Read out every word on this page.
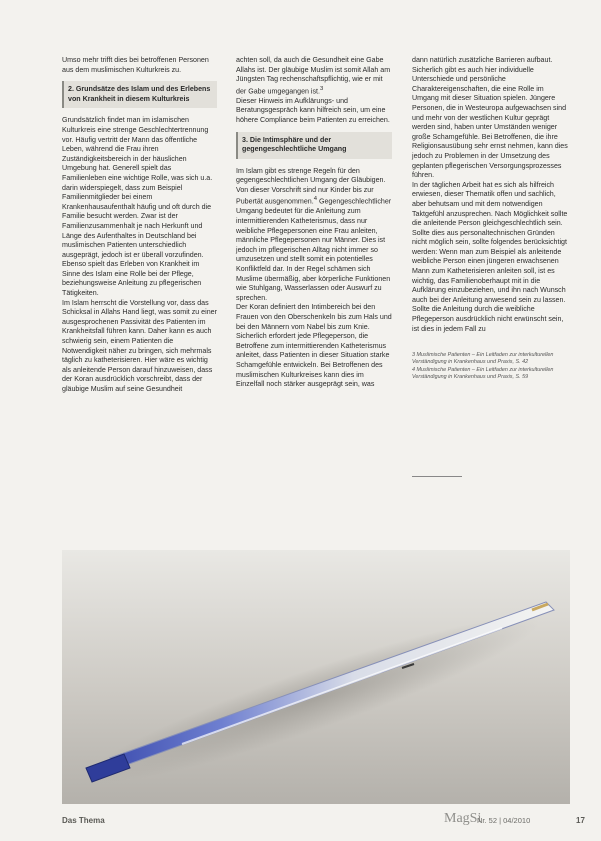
Umso mehr trifft dies bei betroffenen Personen aus dem muslimischen Kulturkreis zu.

2. Grundsätze des Islam und des Erlebens von Krankheit in diesem Kulturkreis

Grundsätzlich findet man im islamischen Kulturkreis eine strenge Geschlechtertrennung vor. Häufig vertritt der Mann das öffentliche Leben, während die Frau ihren Zuständigkeitsbereich in der häuslichen Umgebung hat. Generell spielt das Familienleben eine wichtige Rolle, was sich u.a. darin widerspiegelt, dass zum Beispiel Familienmitglieder bei einem Krankenhausaufenthalt häufig und oft durch die Familie besucht werden. Zwar ist der Familienzusammenhalt je nach Herkunft und Länge des Aufenthaltes in Deutschland bei muslimischen Patienten unterschiedlich ausgeprägt, jedoch ist er überall vorzufinden. Ebenso spielt das Erleben von Krankheit im Sinne des Islam eine Rolle bei der Pflege, beziehungsweise Anleitung zu pflegerischen Tätigkeiten.

Im Islam herrscht die Vorstellung vor, dass das Schicksal in Allahs Hand liegt, was somit zu einer ausgesprochenen Passivität des Patienten im Krankheitsfall führen kann. Daher kann es auch schwierig sein, einem Patienten die Notwendigkeit näher zu bringen, sich mehrmals täglich zu katheterisieren. Hier wäre es wichtig als anleitende Person darauf hinzuweisen, dass der Koran ausdrücklich vorschreibt, dass der gläubige Muslim auf seine Gesundheit

achten soll, da auch die Gesundheit eine Gabe Allahs ist. Der gläubige Muslim ist somit Allah am Jüngsten Tag rechenschaftspflichtig, wie er mit der Gabe umgegangen ist.$^3$

Dieser Hinweis im Aufklärungs- und Beratungsgespräch kann hilfreich sein, um eine höhere Compliance beim Patienten zu erreichen.

3. Die Intimsphäre und der gegengeschlechtliche Umgang

Im Islam gibt es strenge Regeln für den gegengeschlechtlichen Umgang der Gläubigen. Von dieser Vorschrift sind nur Kinder bis zur Pubertät ausgenommen.$^4$ Gegengeschlechtlicher Umgang bedeutet für die Anleitung zum intermittierenden Katheterismus, dass nur weibliche Pflegepersonen eine Frau anleiten, männliche Pflegepersonen nur Männer. Dies ist jedoch im pflegerischen Alltag nicht immer so umzusetzen und stellt somit ein potentielles Konfliktfeld dar. In der Regel schämen sich Muslime übermäßig, aber körperliche Funktionen wie Stuhlgang, Wasserlassen oder Auswurf zu sprechen.

Der Koran definiert den Intimbereich bei den Frauen von den Oberschenkeln bis zum Hals und bei den Männern vom Nabel bis zum Knie.

Sicherlich erfordert jede Pflegeperson, die Betroffene zum intermittierenden Katheterismus anleitet, dass Patienten in dieser Situation starke Schamgefühle entwickeln. Bei Betroffenen des muslimischen Kulturkreises kann dies im Einzelfall noch stärker ausgeprägt sein, was

dann natürlich zusätzliche Barrieren aufbaut. Sicherlich gibt es auch hier individuelle Unterschiede und persönliche Charaktereigenschaften, die eine Rolle im Umgang mit dieser Situation spielen. Jüngere Personen, die in Westeuropa aufgewachsen sind und mehr von der westlichen Kultur geprägt werden sind, haben unter Umständen weniger große Schamgefühle. Bei Betroffenen, die ihre Religionsausübung sehr ernst nehmen, kann dies jedoch zu Problemen in der Umsetzung des geplanten pflegerischen Versorgungsprozesses führen.

In der täglichen Arbeit hat es sich als hilfreich erwiesen, dieser Thematik offen und sachlich, aber behutsam und mit dem notwendigen Taktgefühl anzusprechen. Nach Möglichkeit sollte die anleitende Person gleichgeschlechtlich sein. Sollte dies aus personaltechnischen Gründen nicht möglich sein, sollte folgendes berücksichtigt werden: Wenn man zum Beispiel als anleitende weibliche Person einen jüngeren erwachsenen Mann zum Katheterisieren anleiten soll, ist es wichtig, das Familienoberhaupt mit in die Aufklärung einzubeziehen, und ihn nach Wunsch auch bei der Anleitung anwesend sein zu lassen. Sollte die Anleitung durch die weibliche Pflegeperson ausdrücklich nicht erwünscht sein, ist dies in jedem Fall zu

3 Muslimische Patienten – Ein Leitfaden zur interkulturellen Verständigung in Krankenhaus und Praxis, S. 42

4 Muslimische Patienten – Ein Leitfaden zur interkulturellen Verständigung in Krankenhaus und Praxis, S. 59

Das Thema	MagSi
Nr. 52 | 04/2010	17
